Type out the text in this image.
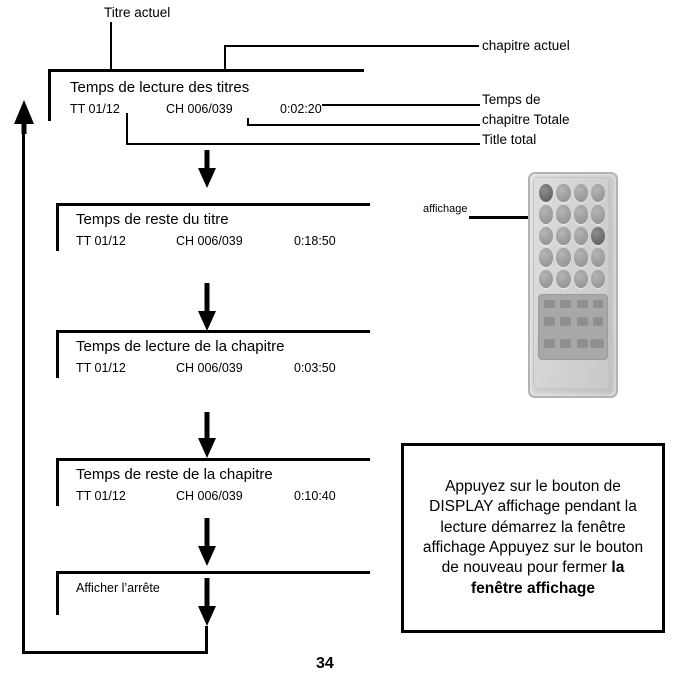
Titre actuel
chapitre actuel
Temps de lecture des titres
TT 01/12	CH 006/039	0:02:20
Temps de
chapitre Totale
Title total
Temps de reste du titre
TT 01/12	CH 006/039	0:18:50
Temps de lecture de la chapitre
TT 01/12	CH 006/039	0:03:50
Temps de reste de la chapitre
TT 01/12	CH 006/039	0:10:40
Afficher l’arrête
affichage
Appuyez sur le bouton de DISPLAY affichage pendant la lecture démarrez la fenêtre affichage Appuyez sur le bouton de nouveau pour fermer la fenêtre affichage
34
